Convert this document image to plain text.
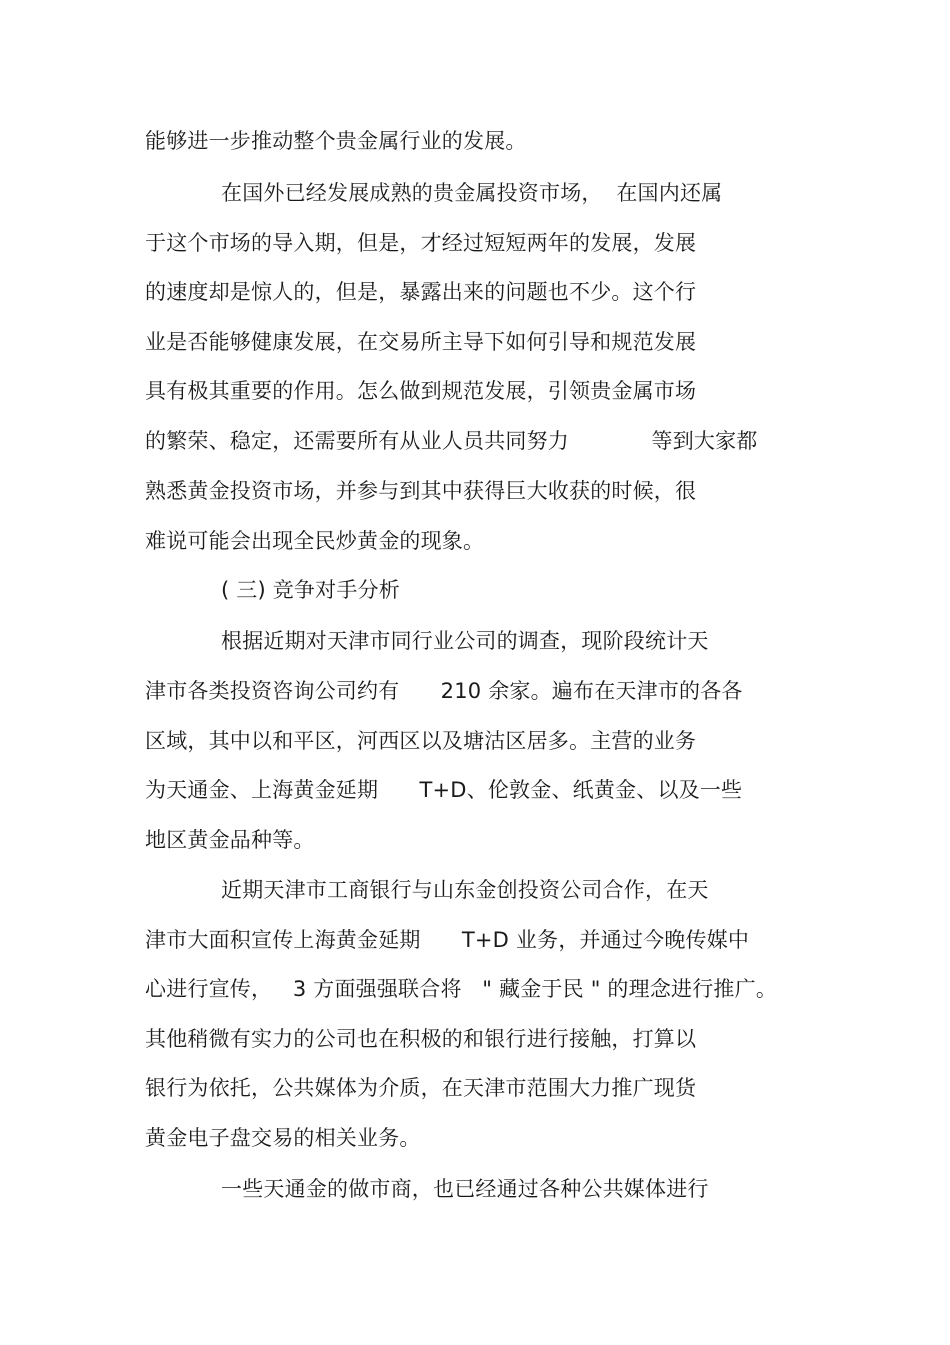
能够进一步推动整个贵金属行业的发展。
在国外已经发展成熟的贵金属投资市场，  在国内还属
于这个市场的导入期，但是，才经过短短两年的发展，发展
的速度却是惊人的，但是，暴露出来的问题也不少。这个行
业是否能够健康发展，在交易所主导下如何引导和规范发展
具有极其重要的作用。怎么做到规范发展，引领贵金属市场
的繁荣、稳定，还需要所有从业人员共同努力            等到大家都
熟悉黄金投资市场，并参与到其中获得巨大收获的时候，很
难说可能会出现全民炒黄金的现象。
( 三) 竞争对手分析
根据近期对天津市同行业公司的调查，现阶段统计天
津市各类投资咨询公司约有      210 余家。遍布在天津市的各各
区域，其中以和平区，河西区以及塘沽区居多。主营的业务
为天通金、上海黄金延期      T+D、伦敦金、纸黄金、以及一些
地区黄金品种等。
近期天津市工商银行与山东金创投资公司合作，在天
津市大面积宣传上海黄金延期      T+D 业务，并通过今晚传媒中
心进行宣传，   3 方面强强联合将   " 藏金于民 " 的理念进行推广。
其他稍微有实力的公司也在积极的和银行进行接触，打算以
银行为依托，公共媒体为介质，在天津市范围大力推广现货
黄金电子盘交易的相关业务。
一些天通金的做市商，也已经通过各种公共媒体进行
